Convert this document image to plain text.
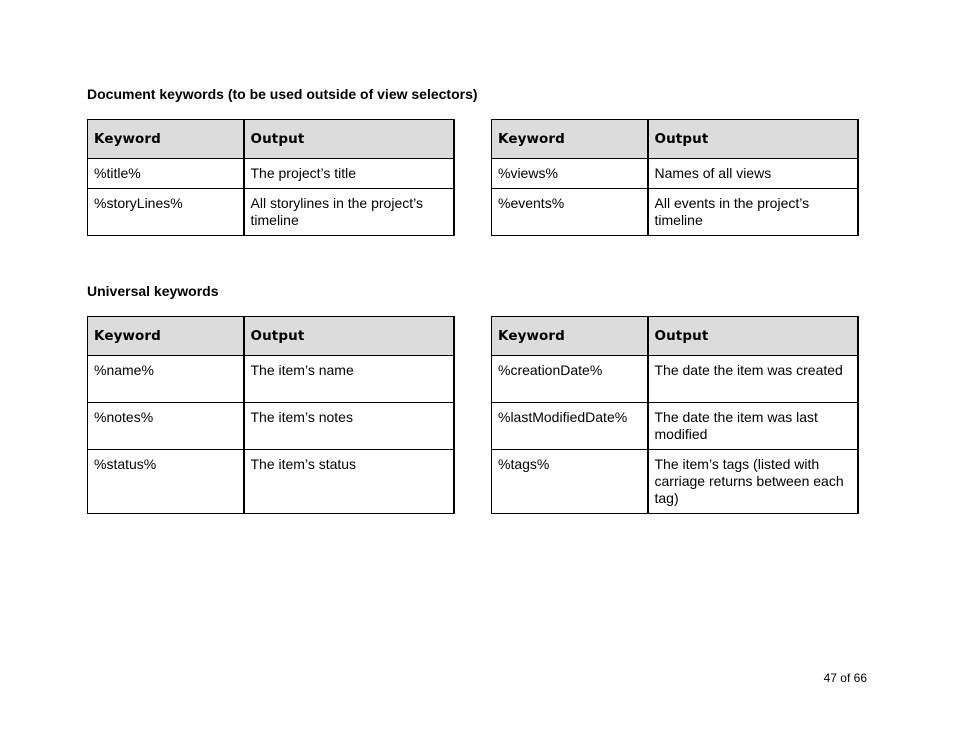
Document keywords (to be used outside of view selectors)
Keyword	Output
%title%	The project’s title
%storyLines%	All storylines in the project’s timeline
Keyword	Output
%views%	Names of all views
%events%	All events in the project’s timeline
Universal keywords
Keyword	Output
%name%	The item’s name
%notes%	The item’s notes
%status%	The item’s status
Keyword	Output
%creationDate%	The date the item was created
%lastModifiedDate%	The date the item was last modified
%tags%	The item’s tags (listed with carriage returns between each tag)
47 of 66
